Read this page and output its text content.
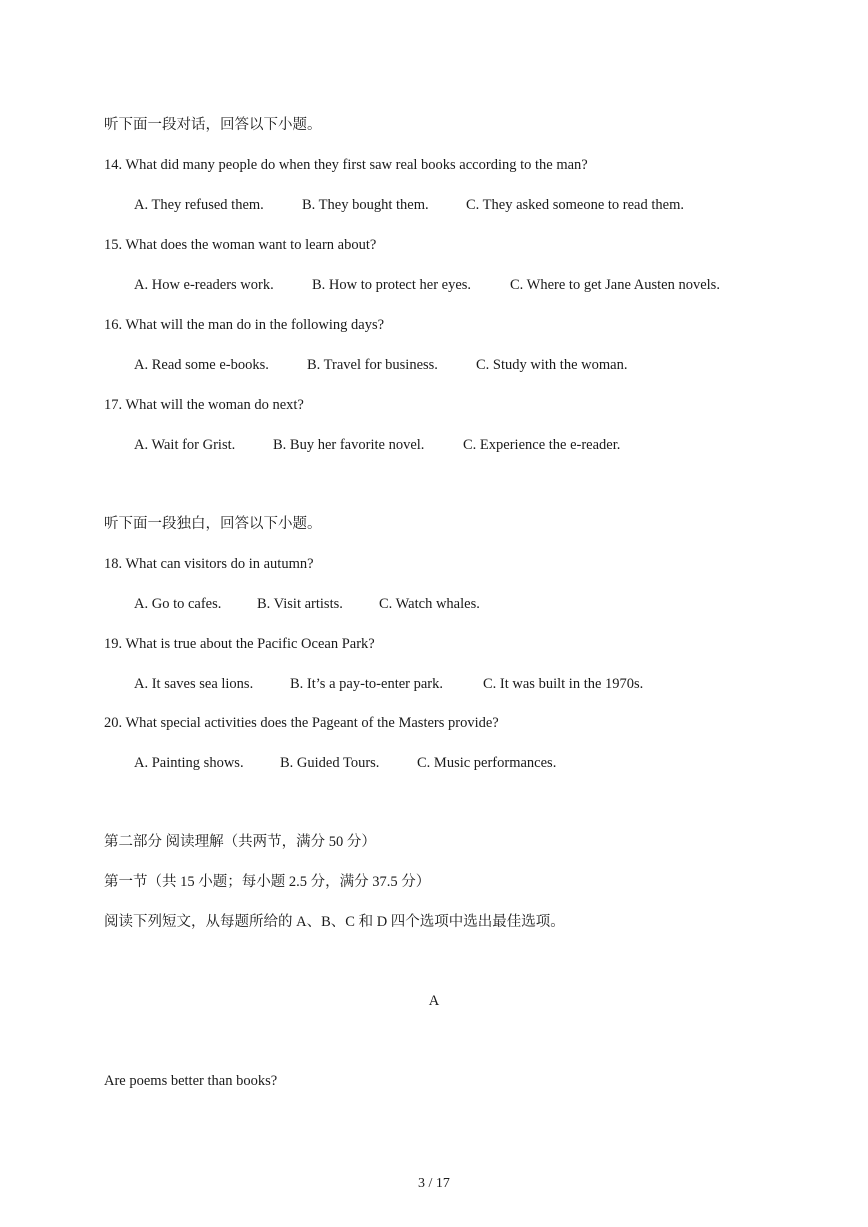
听下面一段对话，回答以下小题。
14. What did many people do when they first saw real books according to the man?
A. They refused them.	B. They bought them.	C. They asked someone to read them.
15. What does the woman want to learn about?
A. How e-readers work.	B. How to protect her eyes.	C. Where to get Jane Austen novels.
16. What will the man do in the following days?
A. Read some e-books.	B. Travel for business.	C. Study with the woman.
17. What will the woman do next?
A. Wait for Grist.	B. Buy her favorite novel.	C. Experience the e-reader.
听下面一段独白，回答以下小题。
18. What can visitors do in autumn?
A. Go to cafes. B. Visit artists. C. Watch whales.
19. What is true about the Pacific Ocean Park?
A. It saves sea lions.	B. It’s a pay-to-enter park.	C. It was built in the 1970s.
20. What special activities does the Pageant of the Masters provide?
A. Painting shows.	B. Guided Tours.	C. Music performances.
第二部分 阅读理解（共两节，满分 50 分）
第一节（共 15 小题；每小题 2.5 分，满分 37.5 分）
阅读下列短文，从每题所给的 A、B、C 和 D 四个选项中选出最佳选项。
A
Are poems better than books?
3 / 17
